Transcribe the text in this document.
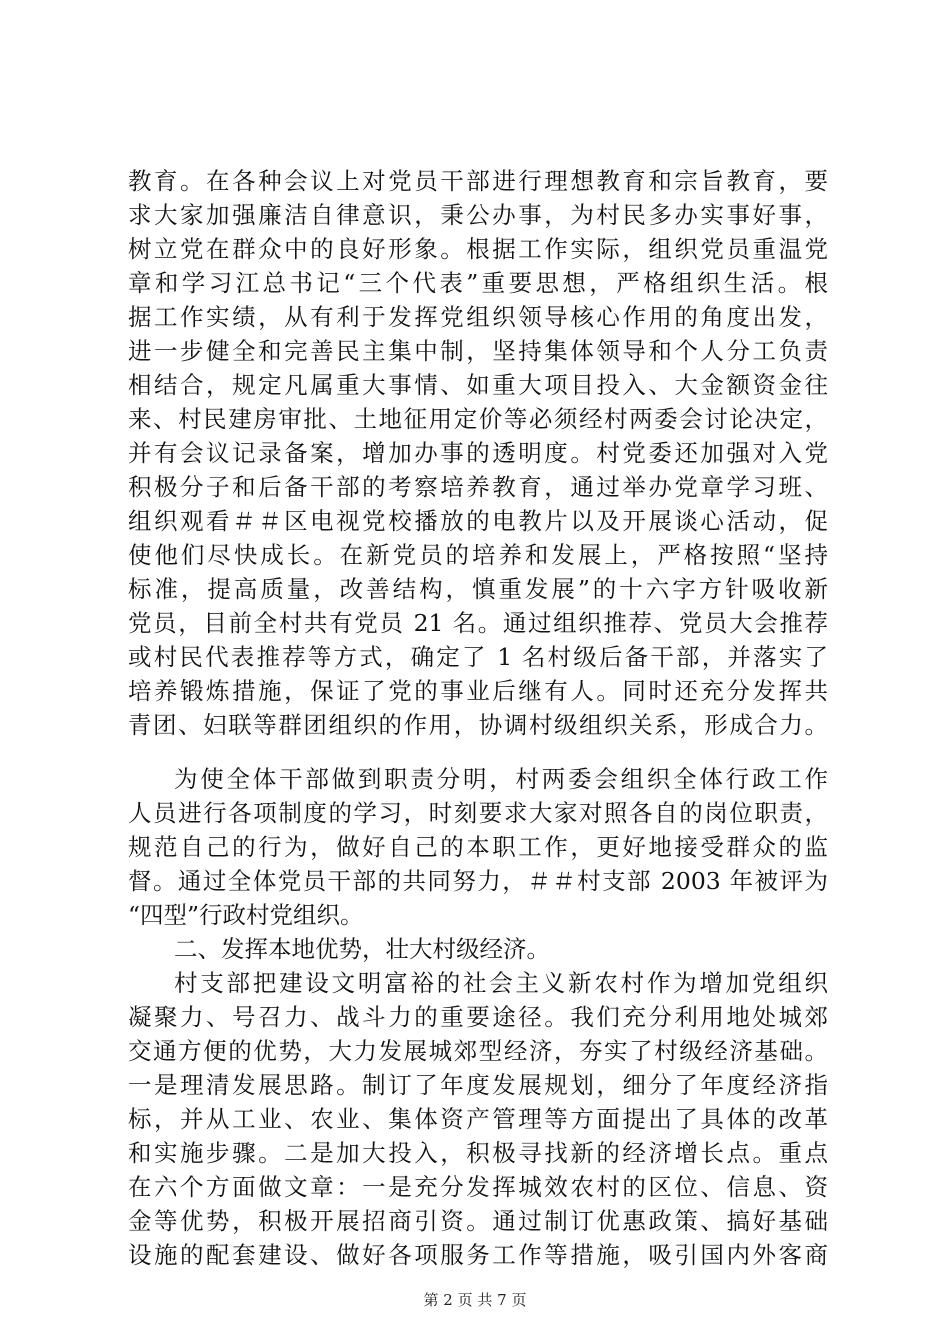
教育。在各种会议上对党员干部进行理想教育和宗旨教育，要
求大家加强廉洁自律意识，秉公办事，为村民多办实事好事，
树立党在群众中的良好形象。根据工作实际，组织党员重温党
章和学习江总书记“三个代表”重要思想，严格组织生活。根
据工作实绩，从有利于发挥党组织领导核心作用的角度出发，
进一步健全和完善民主集中制，坚持集体领导和个人分工负责
相结合，规定凡属重大事情、如重大项目投入、大金额资金往
来、村民建房审批、土地征用定价等必须经村两委会讨论决定，
并有会议记录备案，增加办事的透明度。村党委还加强对入党
积极分子和后备干部的考察培养教育，通过举办党章学习班、
组织观看＃＃区电视党校播放的电教片以及开展谈心活动，促
使他们尽快成长。在新党员的培养和发展上，严格按照“坚持
标准，提高质量，改善结构，慎重发展”的十六字方针吸收新
党员，目前全村共有党员 21 名。通过组织推荐、党员大会推荐
或村民代表推荐等方式，确定了 1 名村级后备干部，并落实了
培养锻炼措施，保证了党的事业后继有人。同时还充分发挥共
青团、妇联等群团组织的作用，协调村级组织关系，形成合力。
为使全体干部做到职责分明，村两委会组织全体行政工作
人员进行各项制度的学习，时刻要求大家对照各自的岗位职责，
规范自己的行为，做好自己的本职工作，更好地接受群众的监
督。通过全体党员干部的共同努力，＃＃村支部 2003 年被评为
“四型”行政村党组织。
二、发挥本地优势，壮大村级经济。
村支部把建设文明富裕的社会主义新农村作为增加党组织
凝聚力、号召力、战斗力的重要途径。我们充分利用地处城郊
交通方便的优势，大力发展城郊型经济，夯实了村级经济基础。
一是理清发展思路。制订了年度发展规划，细分了年度经济指
标，并从工业、农业、集体资产管理等方面提出了具体的改革
和实施步骤。二是加大投入，积极寻找新的经济增长点。重点
在六个方面做文章：一是充分发挥城效农村的区位、信息、资
金等优势，积极开展招商引资。通过制订优惠政策、搞好基础
第 2 页 共 7 页
设施的配套建设、做好各项服务工作等措施，吸引国内外客商
